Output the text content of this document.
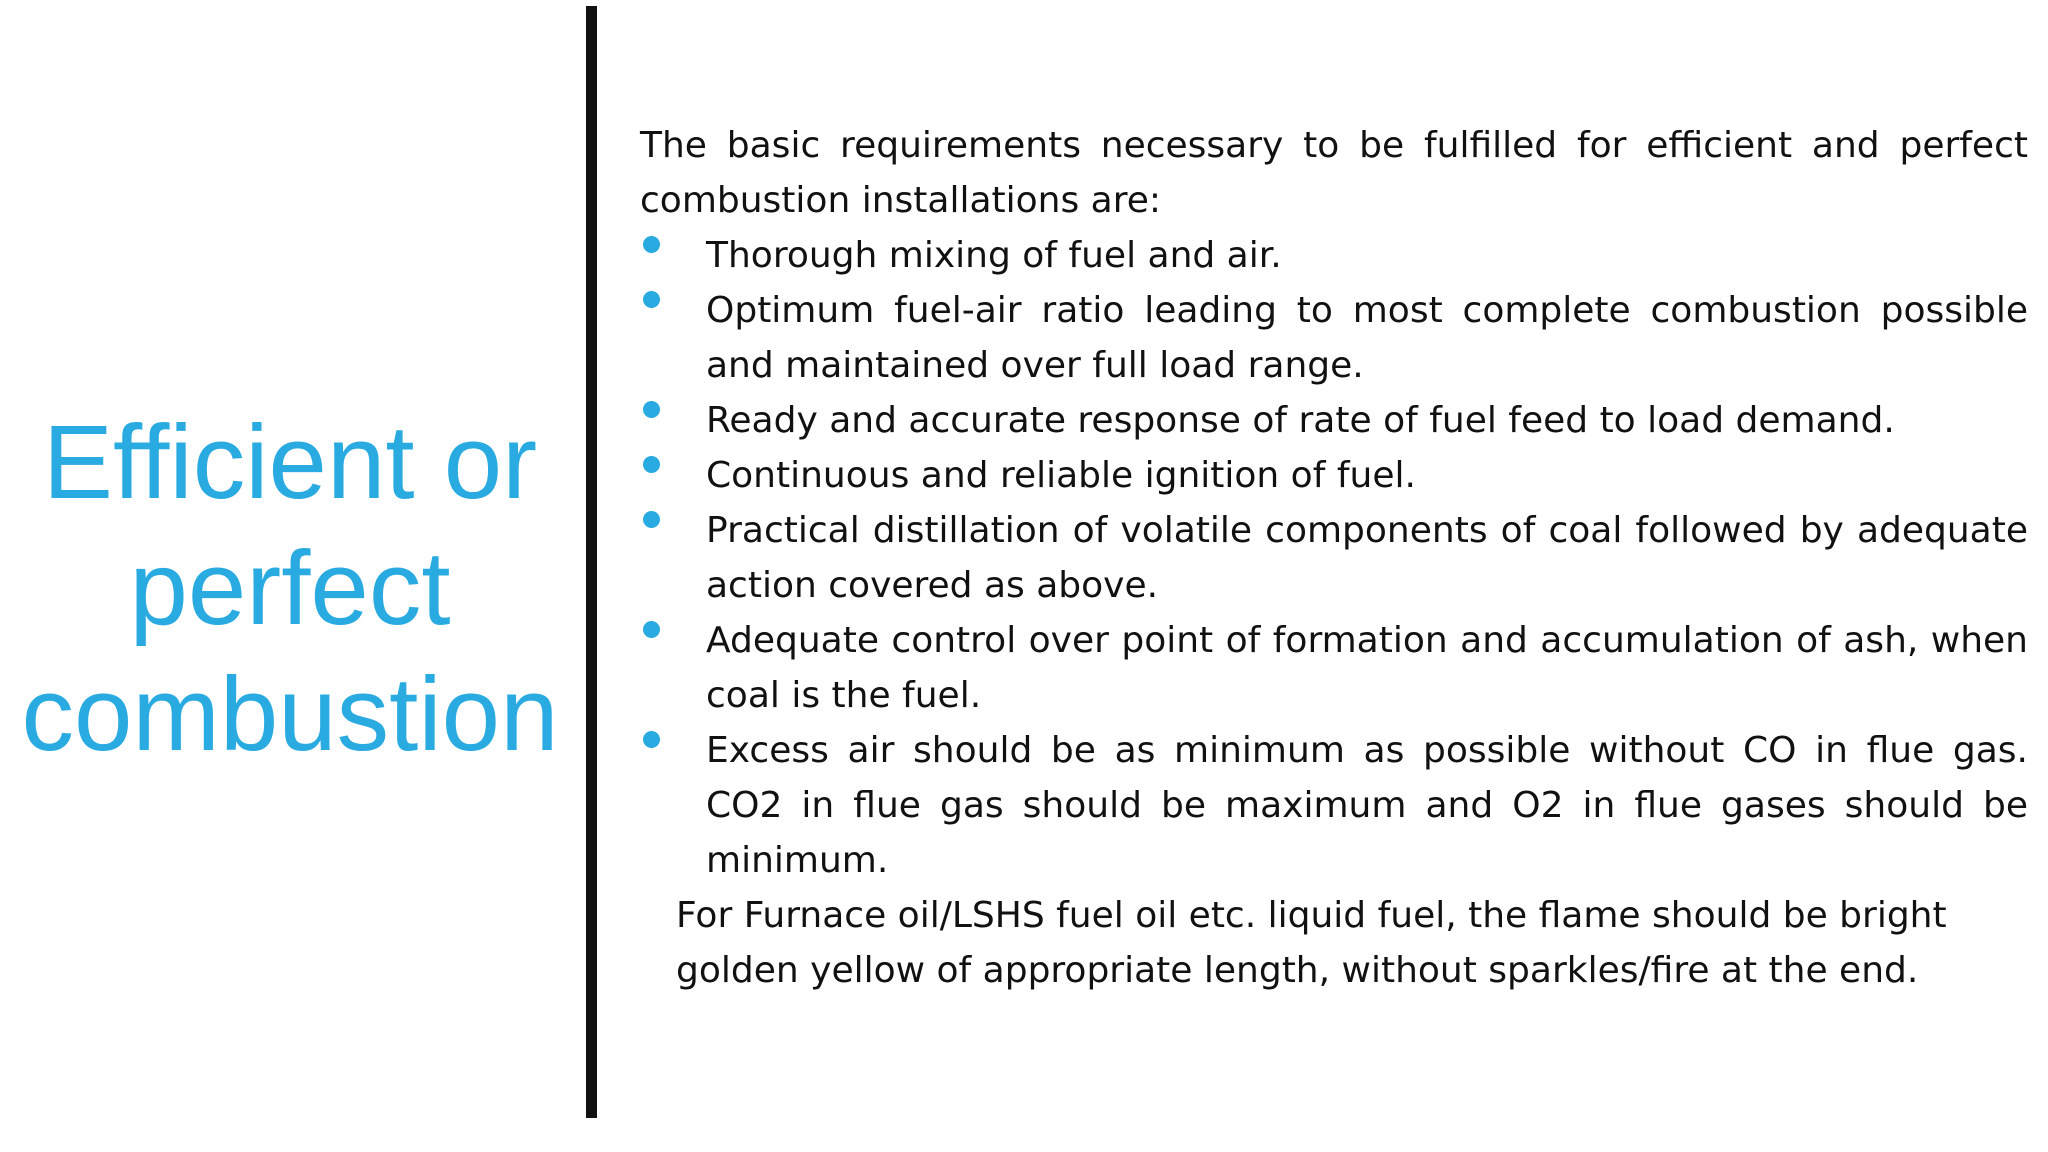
Efficient or
perfect
combustion

The basic requirements necessary to be fulfilled for efficient and perfect combustion installations are:

Thorough mixing of fuel and air.
Optimum fuel-air ratio leading to most complete combustion possible and maintained over full load range.
Ready and accurate response of rate of fuel feed to load demand.
Continuous and reliable ignition of fuel.
Practical distillation of volatile components of coal followed by adequate action covered as above.
Adequate control over point of formation and accumulation of ash, when coal is the fuel.
Excess air should be as minimum as possible without CO in flue gas. CO2 in flue gas should be maximum and O2 in flue gases should be minimum.

For Furnace oil/LSHS fuel oil etc. liquid fuel, the flame should be bright golden yellow of appropriate length, without sparkles/fire at the end.
